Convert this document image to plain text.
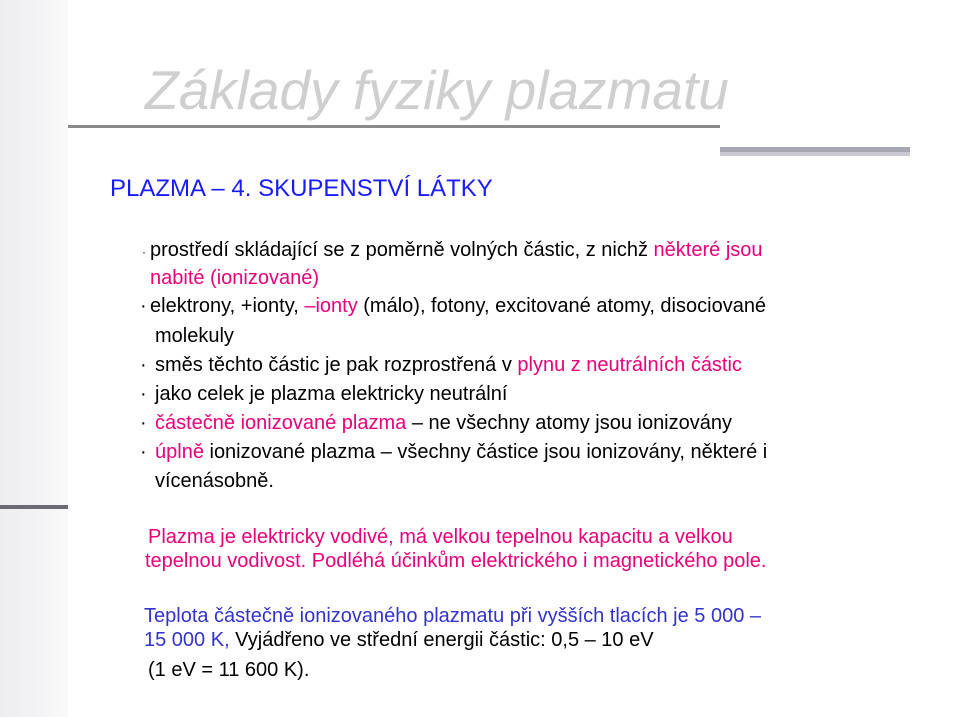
Základy fyziky plazmatu
PLAZMA – 4. SKUPENSTVÍ LÁTKY
· prostředí skládající se z poměrně volných částic, z nichž některé jsou
nabité (ionizované)
· elektrony, +ionty, –ionty (málo), fotony, excitované atomy, disociované
molekuly
· směs těchto částic je pak rozprostřená v plynu z neutrálních částic
· jako celek je plazma elektricky neutrální
· částečně ionizované plazma – ne všechny atomy jsou ionizovány
· úplně ionizované plazma – všechny částice jsou ionizovány, některé i
vícenásobně.
Plazma je elektricky vodivé, má velkou tepelnou kapacitu a velkou
tepelnou vodivost. Podléhá účinkům elektrického i magnetického pole.
Teplota částečně ionizovaného plazmatu při vyšších tlacích je 5 000 –
15 000 K, Vyjádřeno ve střední energii částic: 0,5 – 10 eV
(1 eV = 11 600 K).
